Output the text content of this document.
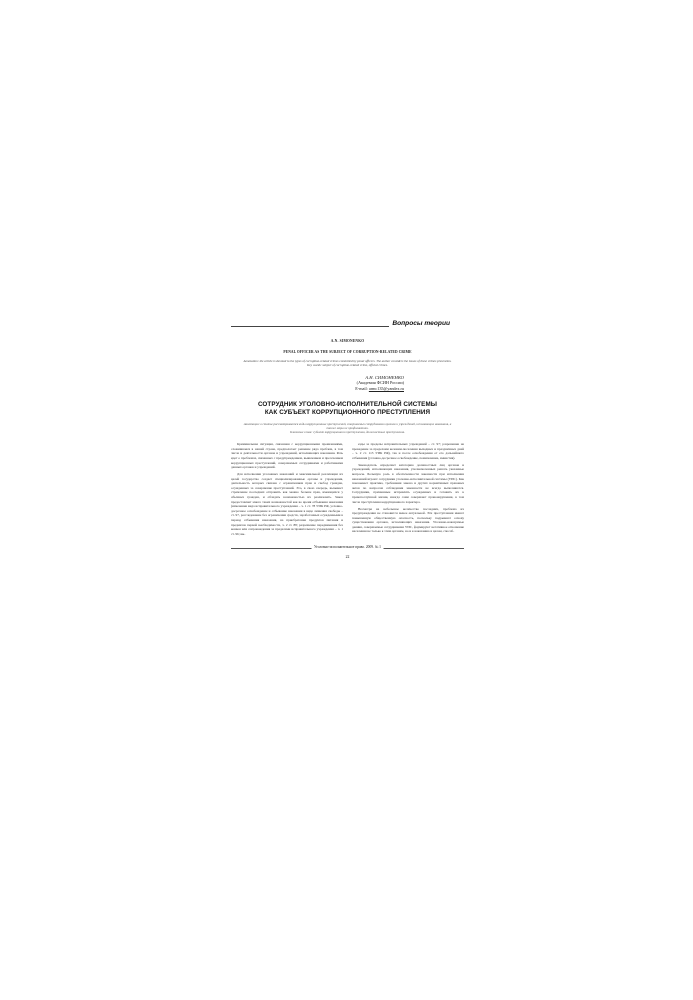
Вопросы теории
A.N. SIMONENKO
PENAL OFFICER AS THE SUBJECT OF CORRUPTION-RELATED CRIME
Annotation: the article is devoted to the types of corruption-related crimes committed by penal officers. The author considers the issues of these crimes prevention.
Key words: subject of corruption-related crime, official crimes.
А.Н. СИМОНЕНКО
(Академия ФСИН России)
E-mail: armc135@yandex.ru
СОТРУДНИК УГОЛОВНО-ИСПОЛНИТЕЛЬНОЙ СИСТЕМЫ
КАК СУБЪЕКТ КОРРУПЦИОННОГО ПРЕСТУПЛЕНИЯ
Аннотация: в статье рассматриваются виды коррупционных преступлений, совершаемых сотрудниками органов и учреждений, исполняющих наказания, а также меры их профилактики.
Ключевые слова: субъект коррупционного преступления, должностные преступления.

Криминальная ситуация, связанная с коррупционными проявлениями, сложившаяся в нашей стране, предполагает решение ряда проблем, в том числе и деятельности органов и учреждений, исполняющих наказания. Речь идет о проблемах, связанных с предупреждением, выявлением и пресечением коррупционных преступлений, совершаемых сотрудниками и работниками данных органов и учреждений.

Для исполнения уголовных наказаний и максимальной реализации их целей государство создает специализированные органы и учреждения, деятельность которых связана с ограничением прав и свобод граждан, осужденных за совершение преступлений. Это, в свою очередь, вызывает стремление последних отправить как можно больше прав, имеющихся у обычных граждан, и обладать возможностью их реализовать. Закон предоставляет много таких возможностей как во время отбывания наказания (изменение вида исправительного учреждения – ч. 1 ст. 78 УИК РФ, условно-досрочное освобождение и отбывание наказания в виде лишения свободы – ст. 97, расследование без ограничения средств, заработанных осужденными в период отбывания наказания, на приобретение продуктов питания и предметов первой необходимости, ч. 2 ст. 88; разрешение передвижения без конвоя или сопровождения за пределами исправительного учреждения – ч. 1 ст. 96; вы-

езды за пределы исправительных учреждений – ст. 97; разрешение на проведение за пределами колонии-поселения выходных и праздничных дней – ч. 2 ст. 113 УИК РФ), так и после освобождения от его дальнейшего отбывания (условно-досрочное освобождение, помилование, амнистия).

Законодатель определяет категорию должностных лиц органов и учреждений, исполняющих наказания, уполномоченных решать указанные вопросы. Большую роль в обеспеченности законности при исполнении наказаний играют сотрудники уголовно-исполнительной системы (УИС). Как показывает практика, требования закона и других нормативных правовых актов по вопросам соблюдения законности не всегда выполняются. Сотрудники, призванные исправлять осужденных и готовить их к правопослушной жизни, иногда сами совершают правонарушения, в том числе преступления коррупционного характера.

Несмотря на небольшое количество последних, проблема их предупреждения не становится менее актуальной. Эти преступления имеют повышенную общественную опасность, поскольку подрывают основу существования органов, исполняющих наказания. Уголовно-наказуемые деяния, совершаемые сотрудниками УИС, формируют негативное отношение населения не только к этим органам, но и к наказанию в целом, способ-

Уголовно-исполнительное право. 2009. № 1
22
